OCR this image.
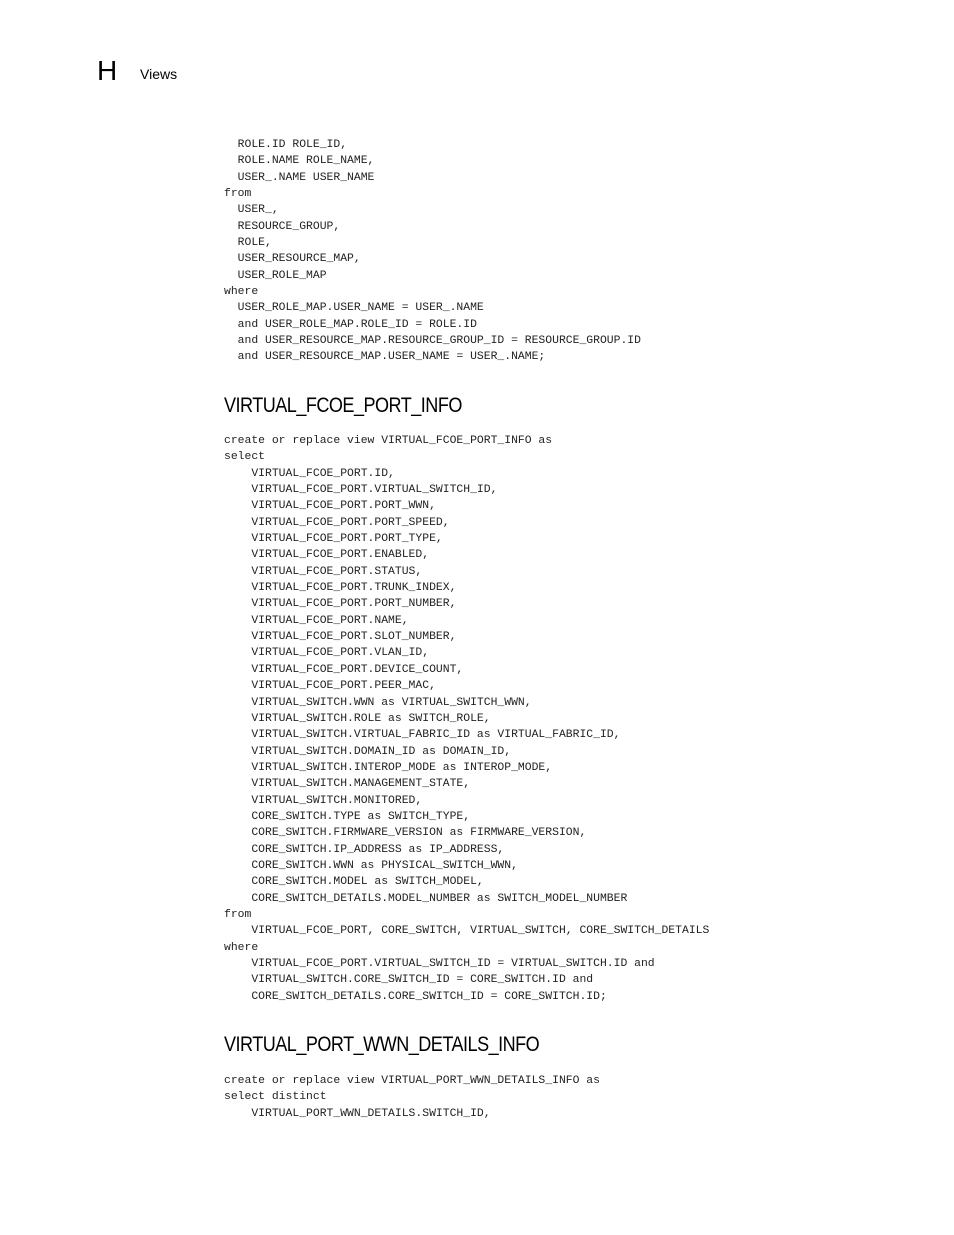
H Views
ROLE.ID ROLE_ID,
ROLE.NAME ROLE_NAME,
USER_.NAME USER_NAME
from
USER_,
RESOURCE_GROUP,
ROLE,
USER_RESOURCE_MAP,
USER_ROLE_MAP
where
USER_ROLE_MAP.USER_NAME = USER_.NAME
and USER_ROLE_MAP.ROLE_ID = ROLE.ID
and USER_RESOURCE_MAP.RESOURCE_GROUP_ID = RESOURCE_GROUP.ID
and USER_RESOURCE_MAP.USER_NAME = USER_.NAME;
VIRTUAL_FCOE_PORT_INFO
create or replace view VIRTUAL_FCOE_PORT_INFO as
select
VIRTUAL_FCOE_PORT.ID,
VIRTUAL_FCOE_PORT.VIRTUAL_SWITCH_ID,
VIRTUAL_FCOE_PORT.PORT_WWN,
VIRTUAL_FCOE_PORT.PORT_SPEED,
VIRTUAL_FCOE_PORT.PORT_TYPE,
VIRTUAL_FCOE_PORT.ENABLED,
VIRTUAL_FCOE_PORT.STATUS,
VIRTUAL_FCOE_PORT.TRUNK_INDEX,
VIRTUAL_FCOE_PORT.PORT_NUMBER,
VIRTUAL_FCOE_PORT.NAME,
VIRTUAL_FCOE_PORT.SLOT_NUMBER,
VIRTUAL_FCOE_PORT.VLAN_ID,
VIRTUAL_FCOE_PORT.DEVICE_COUNT,
VIRTUAL_FCOE_PORT.PEER_MAC,
VIRTUAL_SWITCH.WWN as VIRTUAL_SWITCH_WWN,
VIRTUAL_SWITCH.ROLE as SWITCH_ROLE,
VIRTUAL_SWITCH.VIRTUAL_FABRIC_ID as VIRTUAL_FABRIC_ID,
VIRTUAL_SWITCH.DOMAIN_ID as DOMAIN_ID,
VIRTUAL_SWITCH.INTEROP_MODE as INTEROP_MODE,
VIRTUAL_SWITCH.MANAGEMENT_STATE,
VIRTUAL_SWITCH.MONITORED,
CORE_SWITCH.TYPE as SWITCH_TYPE,
CORE_SWITCH.FIRMWARE_VERSION as FIRMWARE_VERSION,
CORE_SWITCH.IP_ADDRESS as IP_ADDRESS,
CORE_SWITCH.WWN as PHYSICAL_SWITCH_WWN,
CORE_SWITCH.MODEL as SWITCH_MODEL,
CORE_SWITCH_DETAILS.MODEL_NUMBER as SWITCH_MODEL_NUMBER
from
VIRTUAL_FCOE_PORT, CORE_SWITCH, VIRTUAL_SWITCH, CORE_SWITCH_DETAILS
where
VIRTUAL_FCOE_PORT.VIRTUAL_SWITCH_ID = VIRTUAL_SWITCH.ID and
VIRTUAL_SWITCH.CORE_SWITCH_ID = CORE_SWITCH.ID and
CORE_SWITCH_DETAILS.CORE_SWITCH_ID = CORE_SWITCH.ID;
VIRTUAL_PORT_WWN_DETAILS_INFO
create or replace view VIRTUAL_PORT_WWN_DETAILS_INFO as
select distinct
VIRTUAL_PORT_WWN_DETAILS.SWITCH_ID,
